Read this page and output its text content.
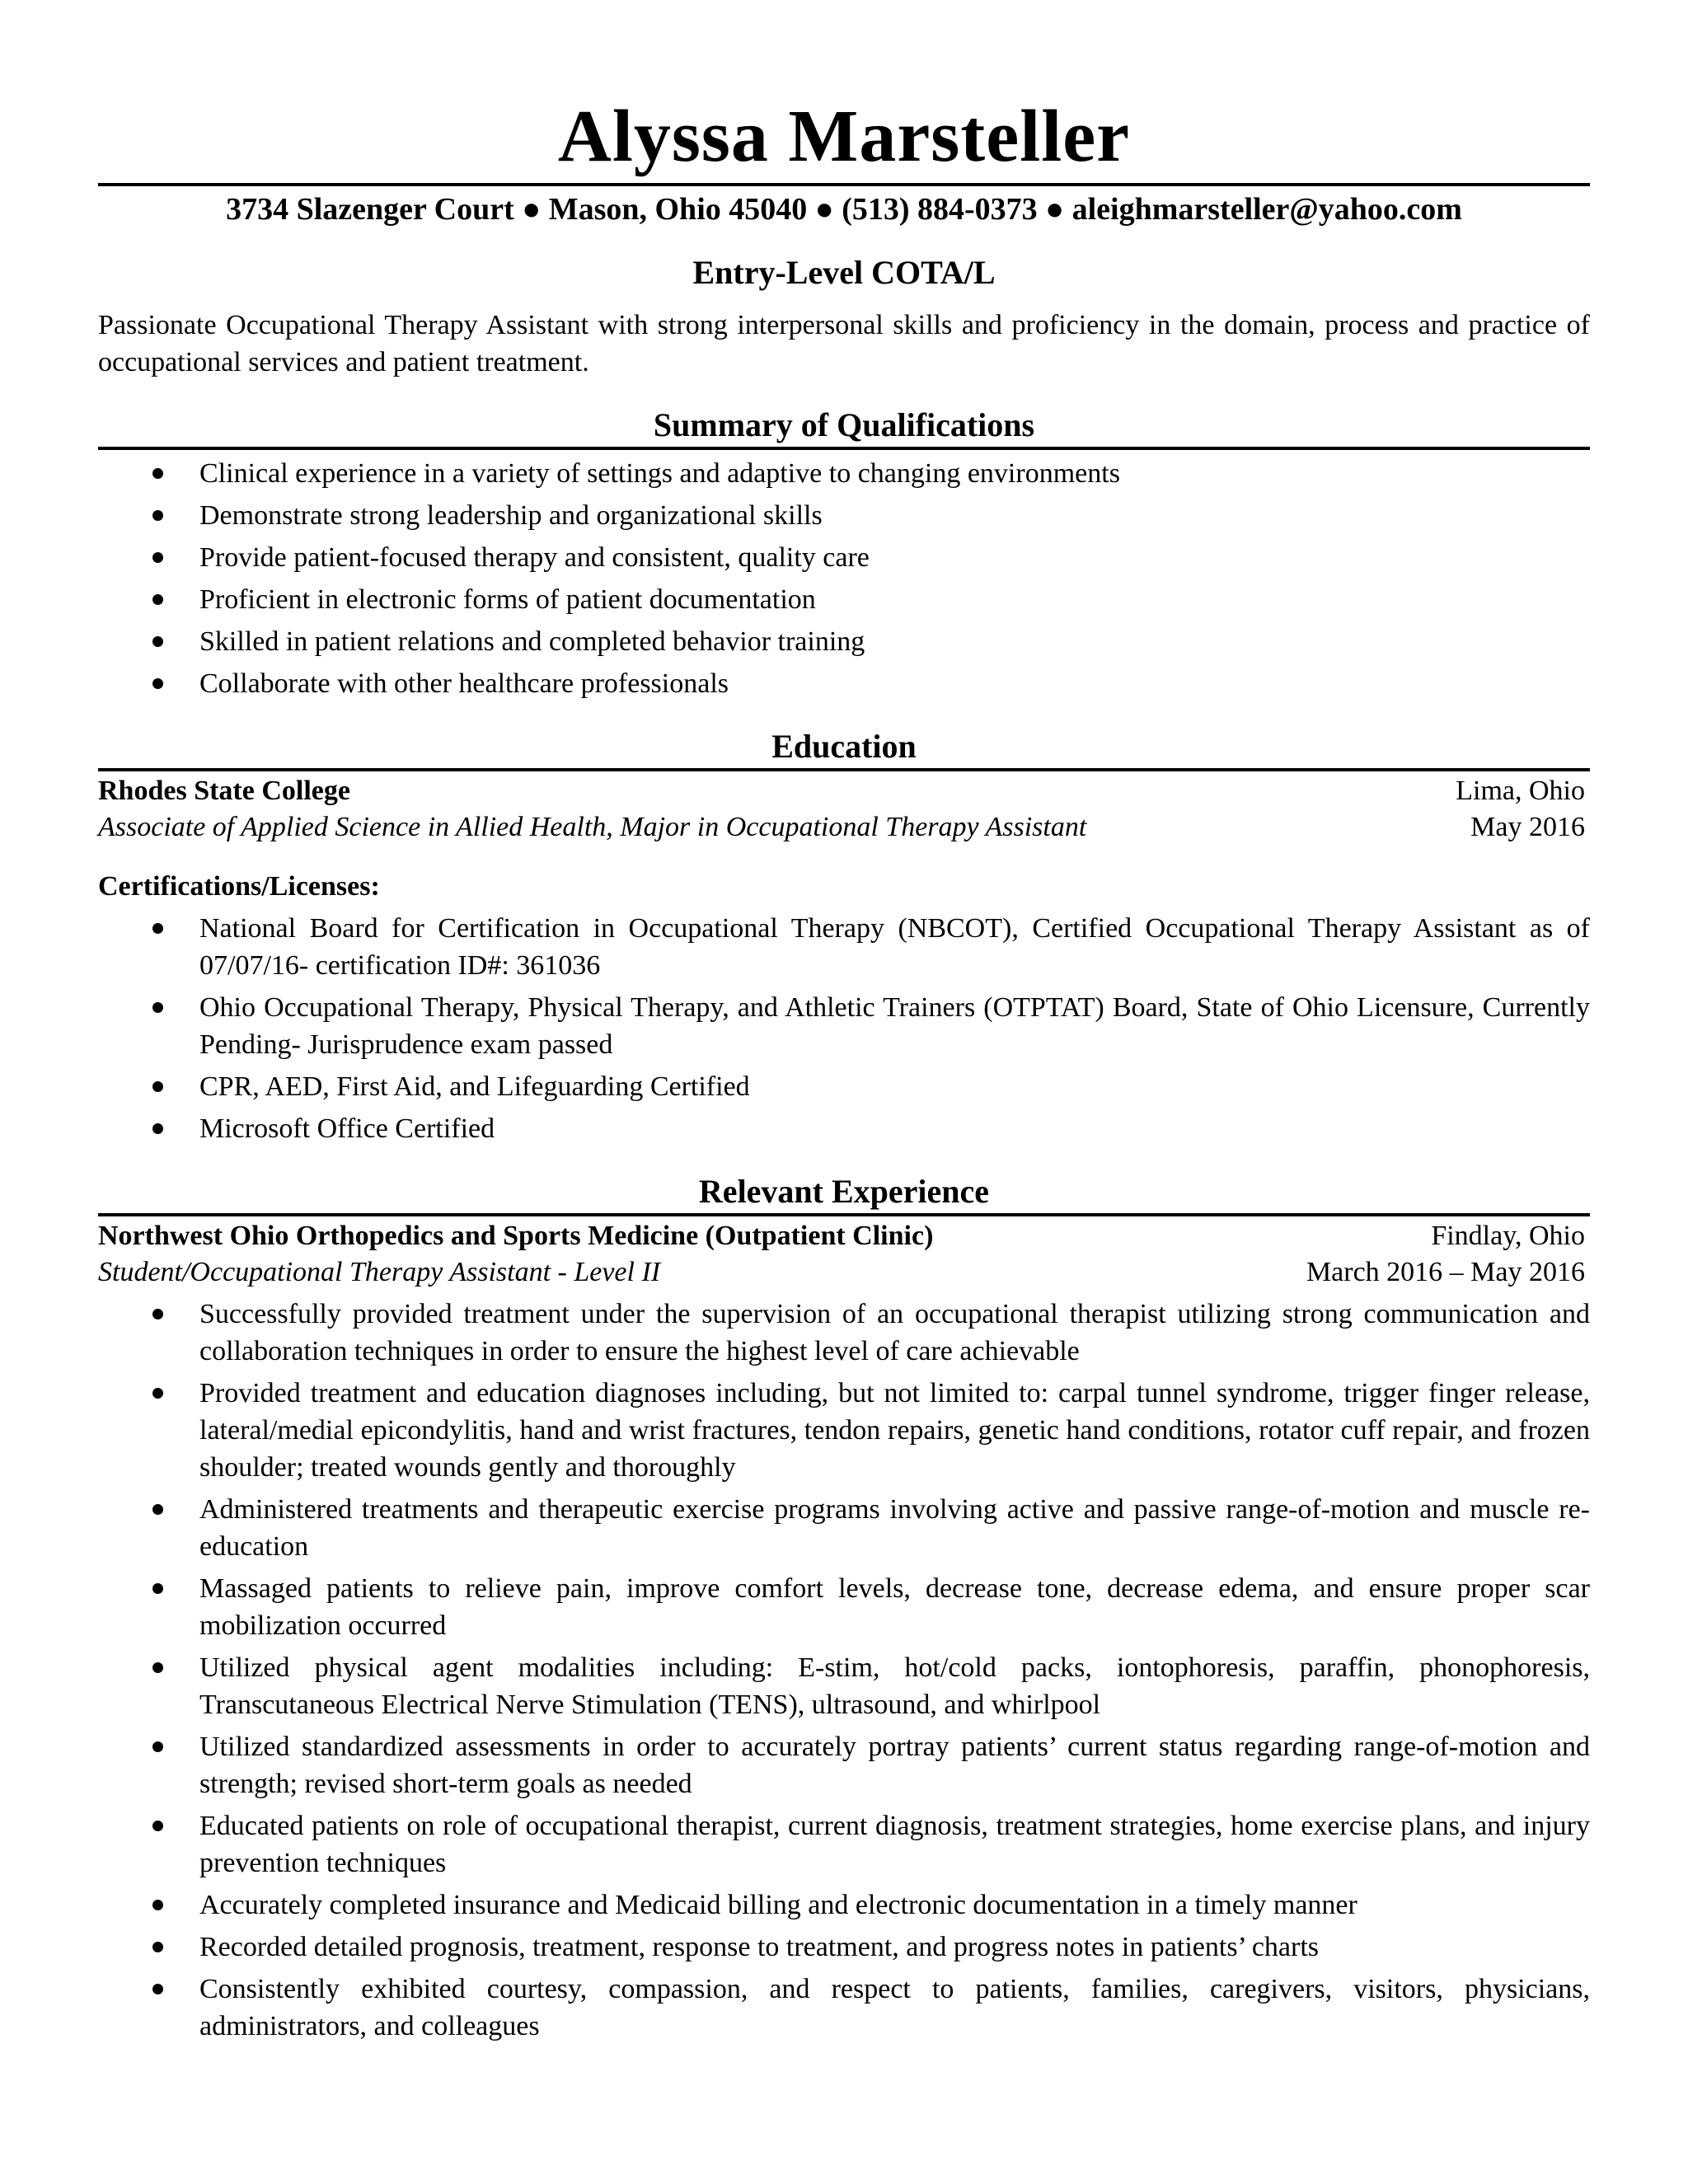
Alyssa Marsteller
3734 Slazenger Court ● Mason, Ohio 45040 ● (513) 884-0373 ● aleighmarsteller@yahoo.com
Entry-Level COTA/L

Passionate Occupational Therapy Assistant with strong interpersonal skills and proficiency in the domain, process and practice of occupational services and patient treatment.

Summary of Qualifications
Clinical experience in a variety of settings and adaptive to changing environments
Demonstrate strong leadership and organizational skills
Provide patient-focused therapy and consistent, quality care
Proficient in electronic forms of patient documentation
Skilled in patient relations and completed behavior training
Collaborate with other healthcare professionals
Education
Rhodes State College	Lima, Ohio
Associate of Applied Science in Allied Health, Major in Occupational Therapy Assistant	May 2016
Certifications/Licenses:
National Board for Certification in Occupational Therapy (NBCOT), Certified Occupational Therapy Assistant as of 07/07/16- certification ID#: 361036
Ohio Occupational Therapy, Physical Therapy, and Athletic Trainers (OTPTAT) Board, State of Ohio Licensure, Currently Pending- Jurisprudence exam passed
CPR, AED, First Aid, and Lifeguarding Certified
Microsoft Office Certified
Relevant Experience
Northwest Ohio Orthopedics and Sports Medicine (Outpatient Clinic)	Findlay, Ohio
Student/Occupational Therapy Assistant - Level II	March 2016 – May 2016
Successfully provided treatment under the supervision of an occupational therapist utilizing strong communication and collaboration techniques in order to ensure the highest level of care achievable
Provided treatment and education diagnoses including, but not limited to: carpal tunnel syndrome, trigger finger release, lateral/medial epicondylitis, hand and wrist fractures, tendon repairs, genetic hand conditions, rotator cuff repair, and frozen shoulder; treated wounds gently and thoroughly
Administered treatments and therapeutic exercise programs involving active and passive range-of-motion and muscle re-education
Massaged patients to relieve pain, improve comfort levels, decrease tone, decrease edema, and ensure proper scar mobilization occurred
Utilized physical agent modalities including: E-stim, hot/cold packs, iontophoresis, paraffin, phonophoresis, Transcutaneous Electrical Nerve Stimulation (TENS), ultrasound, and whirlpool
Utilized standardized assessments in order to accurately portray patients’ current status regarding range-of-motion and strength; revised short-term goals as needed
Educated patients on role of occupational therapist, current diagnosis, treatment strategies, home exercise plans, and injury prevention techniques
Accurately completed insurance and Medicaid billing and electronic documentation in a timely manner
Recorded detailed prognosis, treatment, response to treatment, and progress notes in patients’ charts
Consistently exhibited courtesy, compassion, and respect to patients, families, caregivers, visitors, physicians, administrators, and colleagues
